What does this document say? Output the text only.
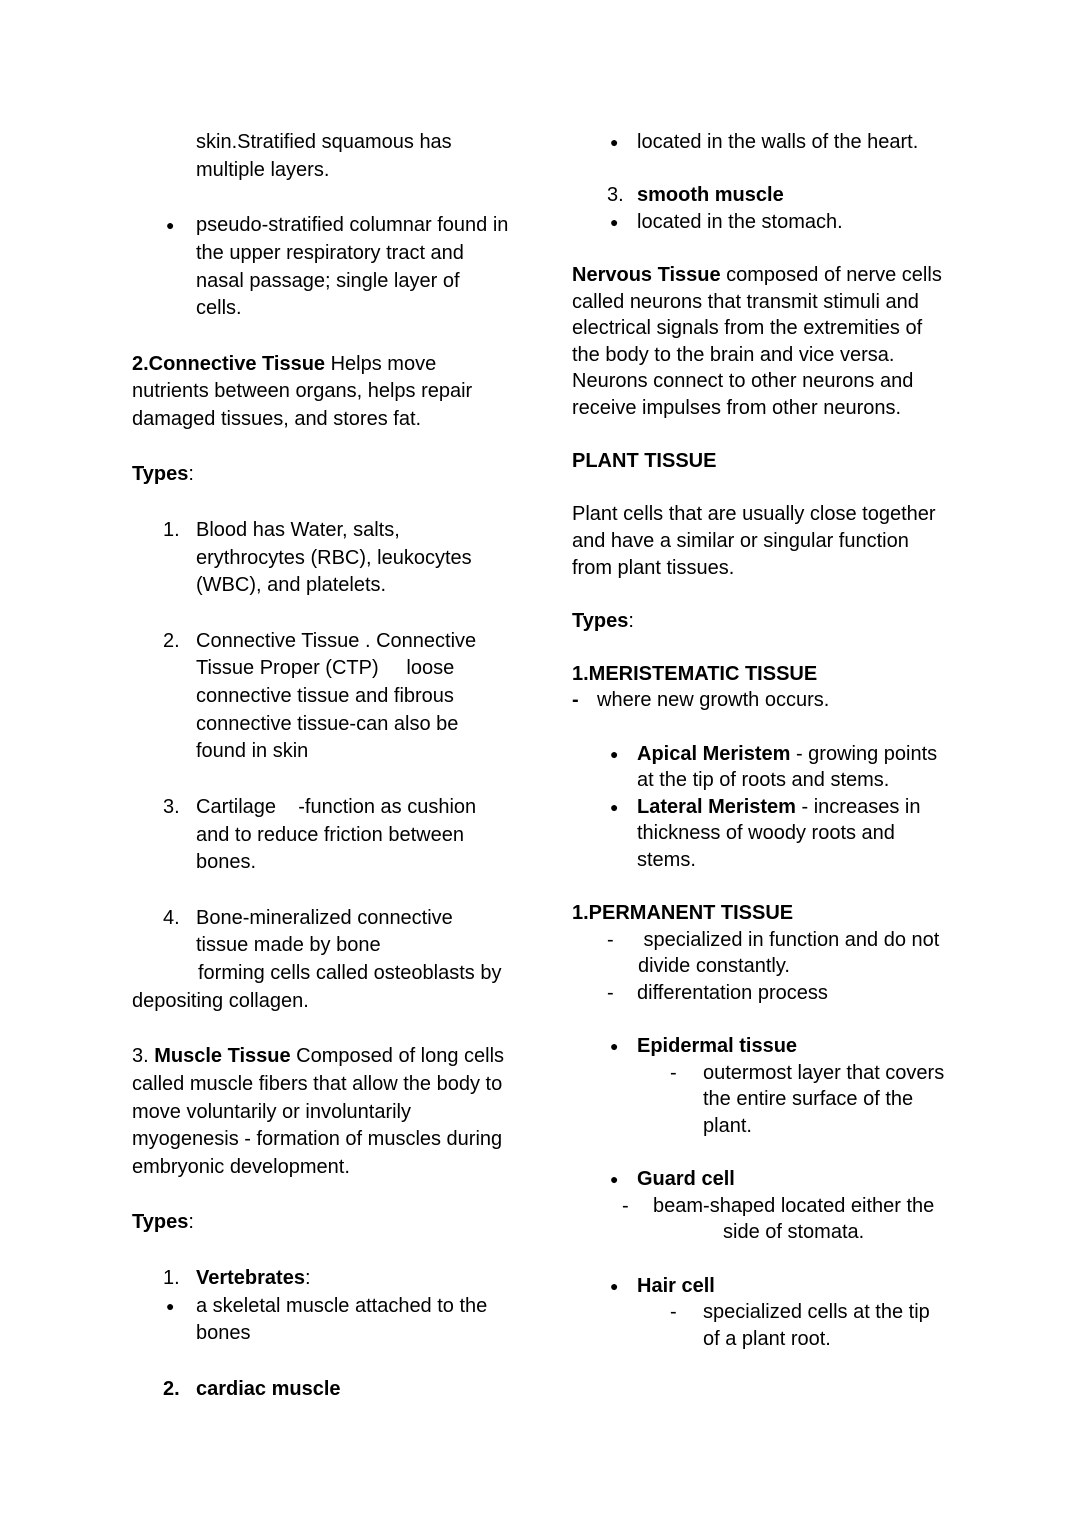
skin.Stratified squamous has
multiple layers.

● pseudo-stratified columnar found in
the upper respiratory tract and
nasal passage; single layer of
cells.

2.Connective Tissue Helps move
nutrients between organs, helps repair
damaged tissues, and stores fat.

Types:

1. Blood has Water, salts,
erythrocytes (RBC), leukocytes
(WBC), and platelets.

2. Connective Tissue . Connective
Tissue Proper (CTP)     loose
connective tissue and fibrous
connective tissue-can also be
found in skin

3. Cartilage    -function as cushion
and to reduce friction between
bones.

4. Bone-mineralized connective
tissue made by bone
forming cells called osteoblasts by
depositing collagen.

3. Muscle Tissue Composed of long cells
called muscle fibers that allow the body to
move voluntarily or involuntarily
myogenesis - formation of muscles during
embryonic development.

Types:

1. Vertebrates:
● a skeletal muscle attached to the
bones

2. cardiac muscle
● located in the walls of the heart.

3. smooth muscle
● located in the stomach.

Nervous Tissue composed of nerve cells
called neurons that transmit stimuli and
electrical signals from the extremities of
the body to the brain and vice versa.
Neurons connect to other neurons and
receive impulses from other neurons.

PLANT TISSUE

Plant cells that are usually close together
and have a similar or singular function
from plant tissues.

Types:

1.MERISTEMATIC TISSUE
- where new growth occurs.

● Apical Meristem - growing points
at the tip of roots and stems.
● Lateral Meristem - increases in
thickness of woody roots and
stems.

1.PERMANENT TISSUE
- specialized in function and do not
divide constantly.
- differentation process

● Epidermal tissue
- outermost layer that covers
the entire surface of the
plant.

● Guard cell
- beam-shaped located either the
side of stomata.

● Hair cell
- specialized cells at the tip
of a plant root.
